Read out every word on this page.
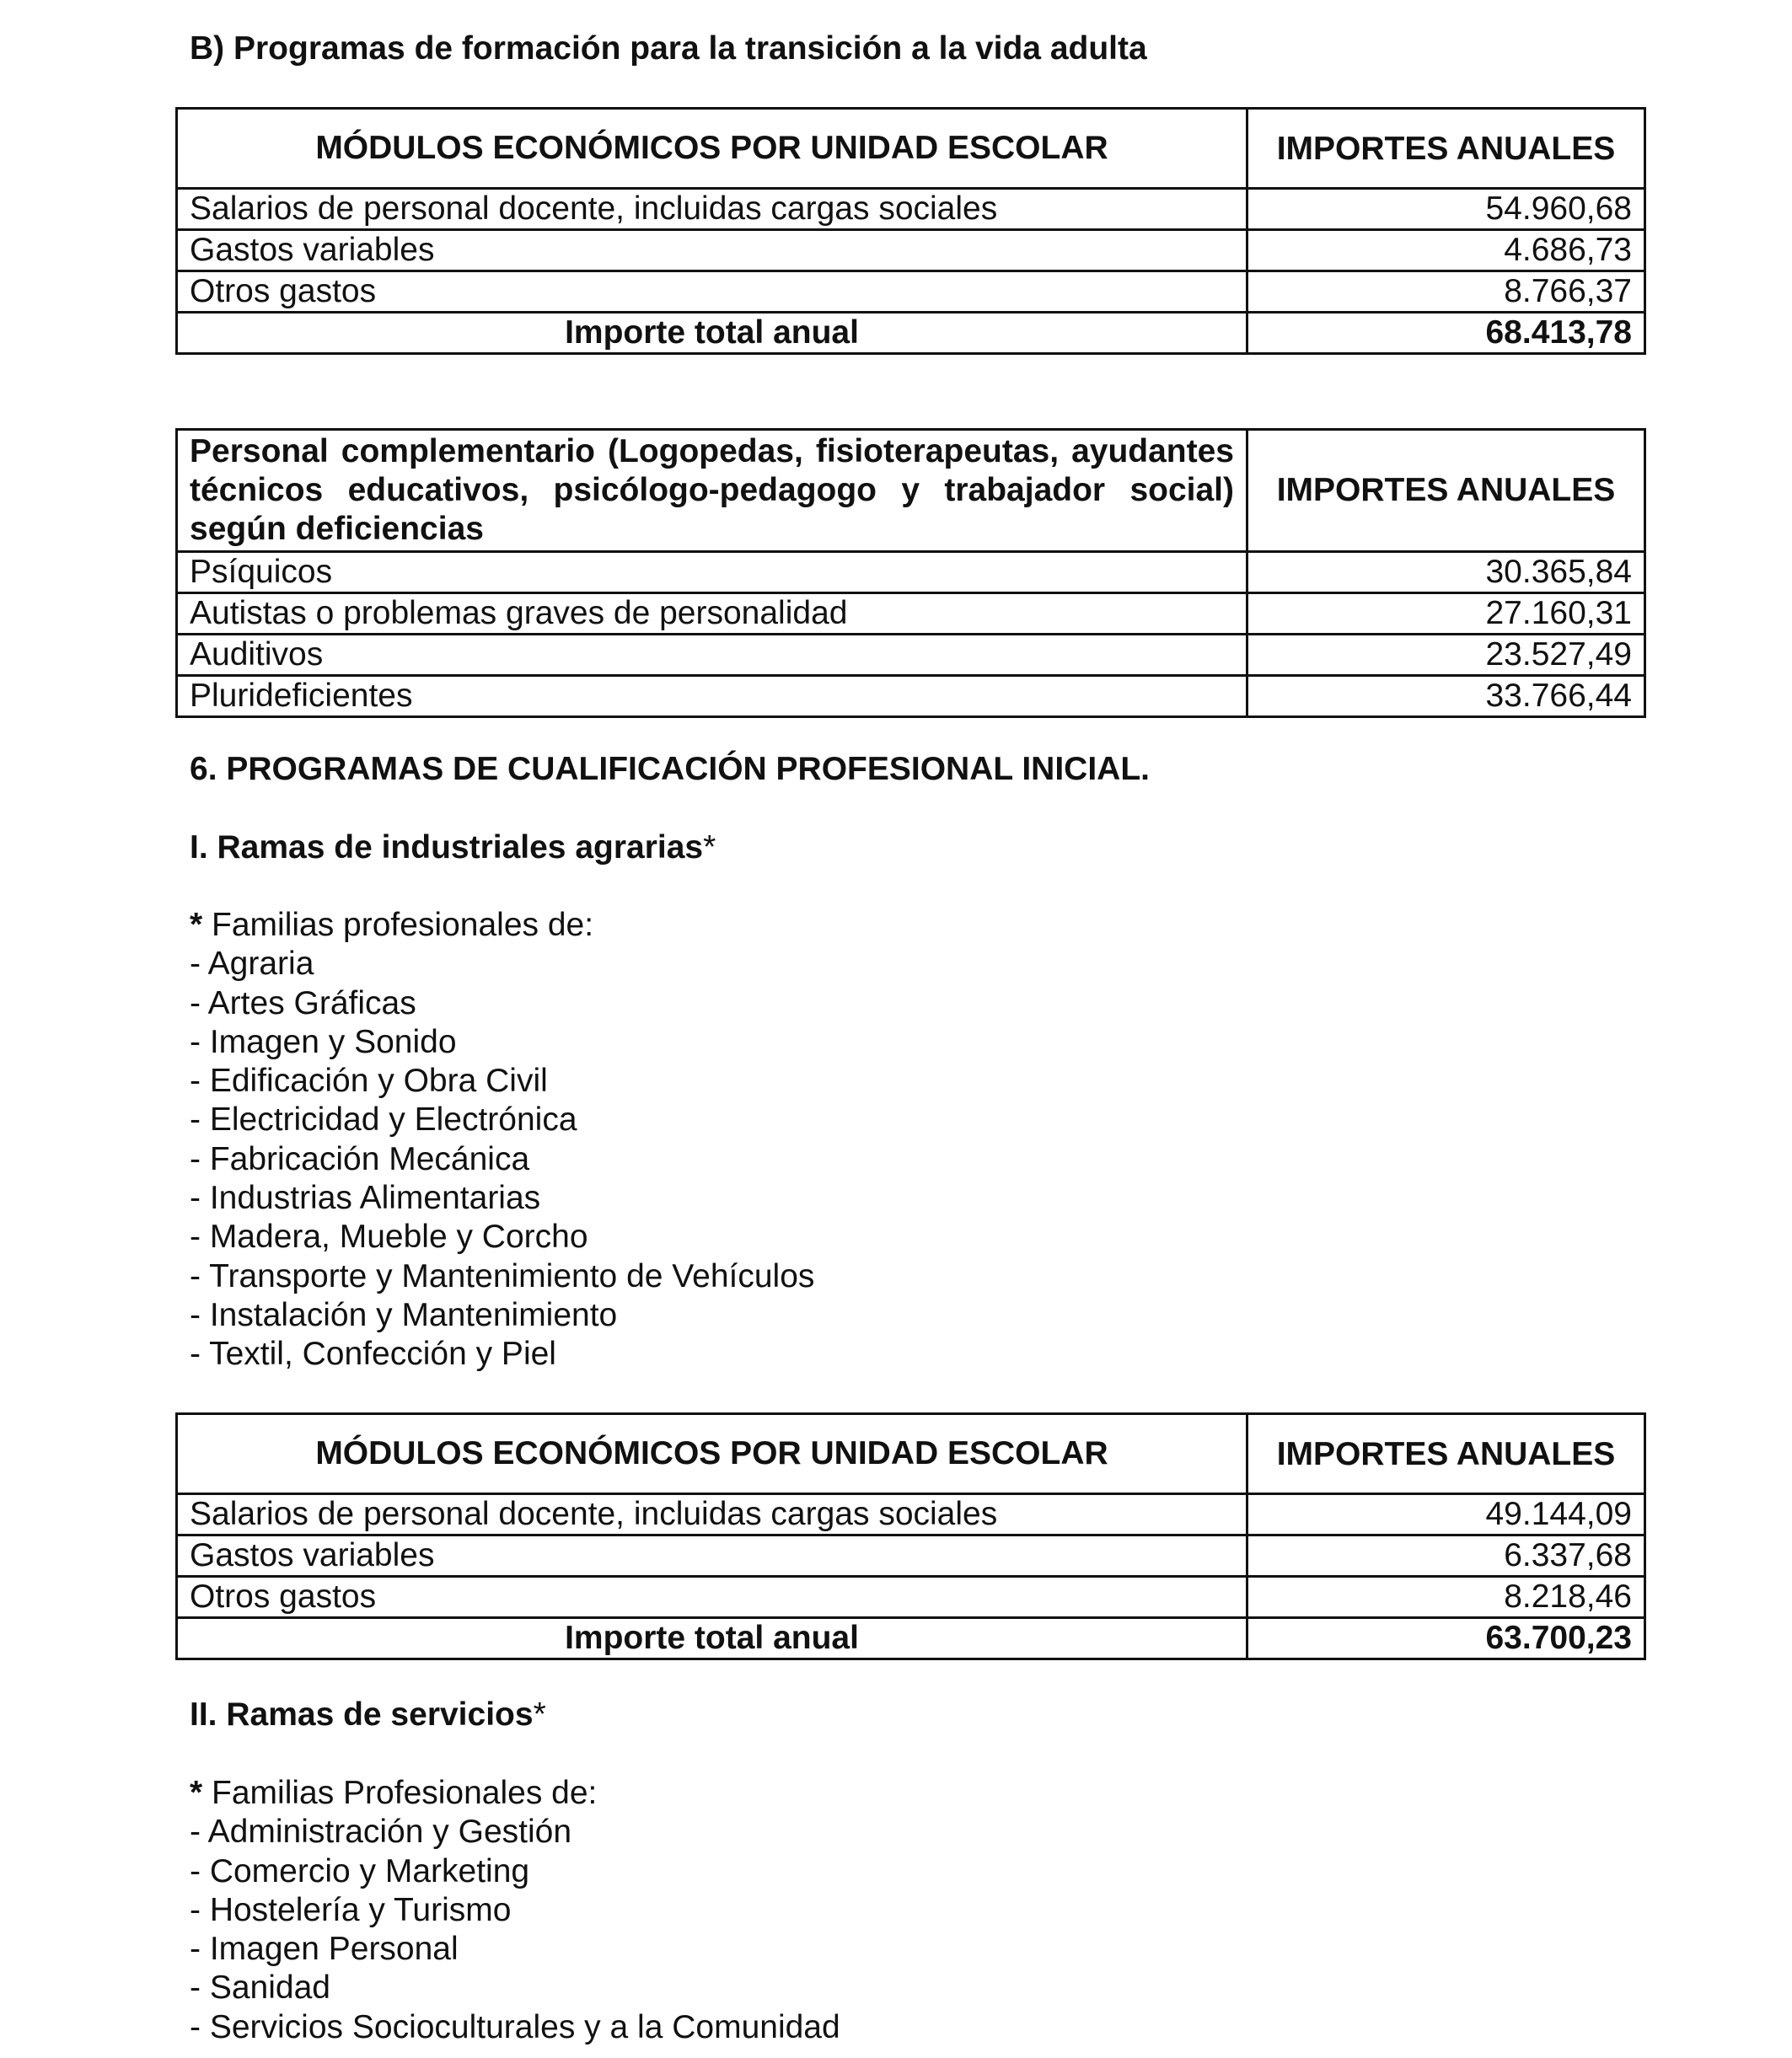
B) Programas de formación para la transición a la vida adulta
MÓDULOS ECONÓMICOS POR UNIDAD ESCOLAR	IMPORTES ANUALES
Salarios de personal docente, incluidas cargas sociales	54.960,68
Gastos variables	4.686,73
Otros gastos	8.766,37
Importe total anual	68.413,78
Personal complementario (Logopedas, fisioterapeutas, ayudantes técnicos educativos, psicólogo-pedagogo y trabajador social) según deficiencias	IMPORTES ANUALES
Psíquicos	30.365,84
Autistas o problemas graves de personalidad	27.160,31
Auditivos	23.527,49
Plurideficientes	33.766,44
6. PROGRAMAS DE CUALIFICACIÓN PROFESIONAL INICIAL.
I. Ramas de industriales agrarias*
* Familias profesionales de:
- Agraria
- Artes Gráficas
- Imagen y Sonido
- Edificación y Obra Civil
- Electricidad y Electrónica
- Fabricación Mecánica
- Industrias Alimentarias
- Madera, Mueble y Corcho
- Transporte y Mantenimiento de Vehículos
- Instalación y Mantenimiento
- Textil, Confección y Piel
MÓDULOS ECONÓMICOS POR UNIDAD ESCOLAR	IMPORTES ANUALES
Salarios de personal docente, incluidas cargas sociales	49.144,09
Gastos variables	6.337,68
Otros gastos	8.218,46
Importe total anual	63.700,23
II. Ramas de servicios*
* Familias Profesionales de:
- Administración y Gestión
- Comercio y Marketing
- Hostelería y Turismo
- Imagen Personal
- Sanidad
- Servicios Socioculturales y a la Comunidad
